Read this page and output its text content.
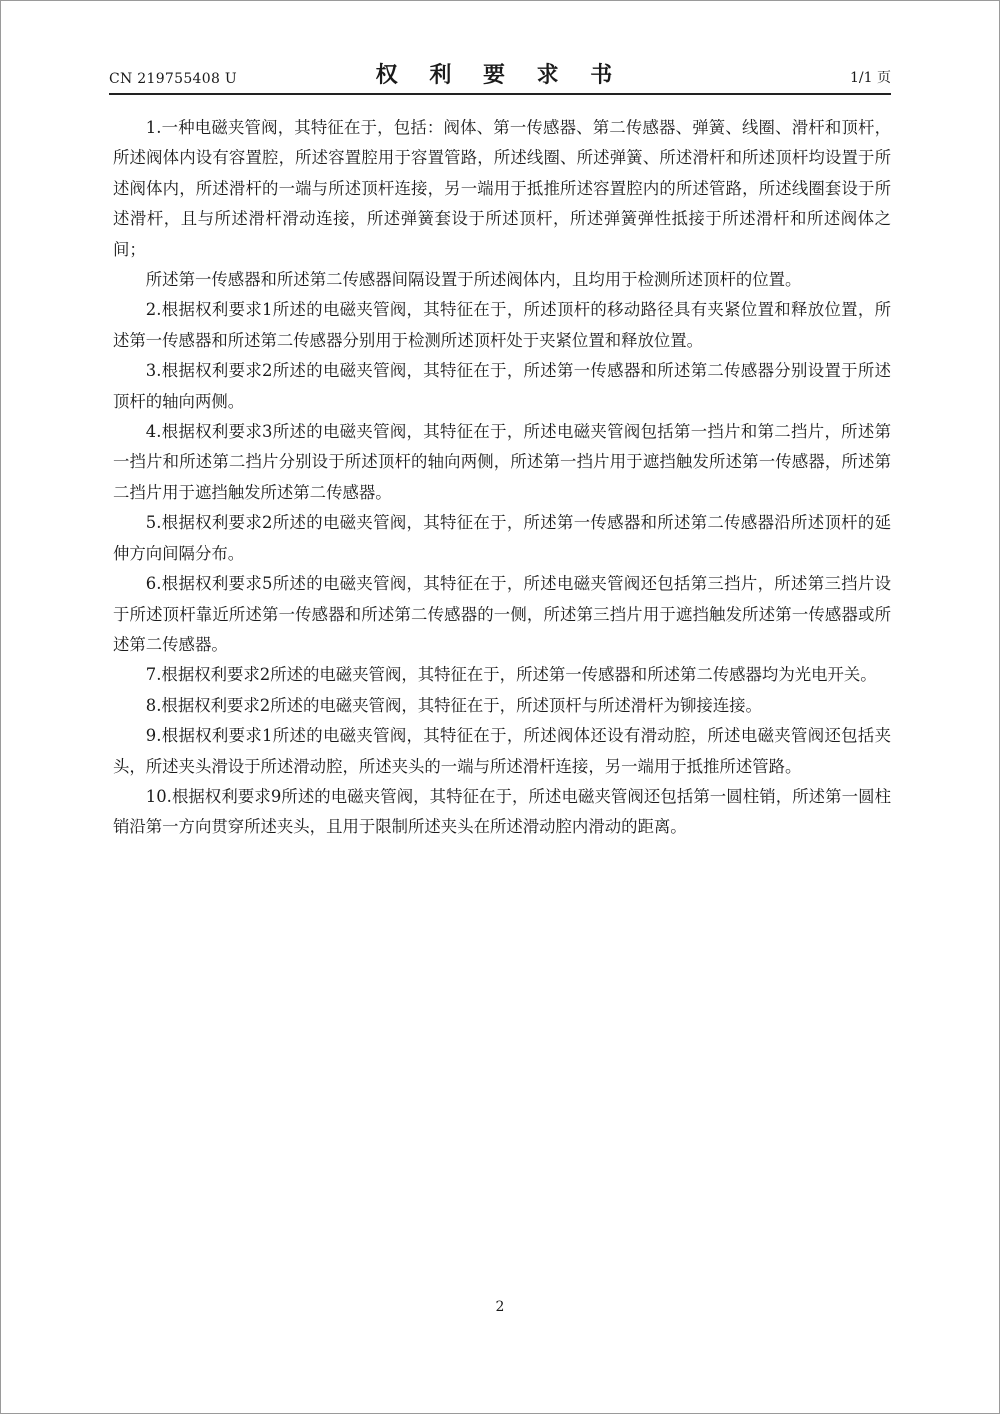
CN 219755408 U	权 利 要 求 书	1/1 页

1.一种电磁夹管阀，其特征在于，包括：阀体、第一传感器、第二传感器、弹簧、线圈、滑杆和顶杆，所述阀体内设有容置腔，所述容置腔用于容置管路，所述线圈、所述弹簧、所述滑杆和所述顶杆均设置于所述阀体内，所述滑杆的一端与所述顶杆连接，另一端用于抵推所述容置腔内的所述管路，所述线圈套设于所述滑杆，且与所述滑杆滑动连接，所述弹簧套设于所述顶杆，所述弹簧弹性抵接于所述滑杆和所述阀体之间；

所述第一传感器和所述第二传感器间隔设置于所述阀体内，且均用于检测所述顶杆的位置。

2.根据权利要求1所述的电磁夹管阀，其特征在于，所述顶杆的移动路径具有夹紧位置和释放位置，所述第一传感器和所述第二传感器分别用于检测所述顶杆处于夹紧位置和释放位置。

3.根据权利要求2所述的电磁夹管阀，其特征在于，所述第一传感器和所述第二传感器分别设置于所述顶杆的轴向两侧。

4.根据权利要求3所述的电磁夹管阀，其特征在于，所述电磁夹管阀包括第一挡片和第二挡片，所述第一挡片和所述第二挡片分别设于所述顶杆的轴向两侧，所述第一挡片用于遮挡触发所述第一传感器，所述第二挡片用于遮挡触发所述第二传感器。

5.根据权利要求2所述的电磁夹管阀，其特征在于，所述第一传感器和所述第二传感器沿所述顶杆的延伸方向间隔分布。

6.根据权利要求5所述的电磁夹管阀，其特征在于，所述电磁夹管阀还包括第三挡片，所述第三挡片设于所述顶杆靠近所述第一传感器和所述第二传感器的一侧，所述第三挡片用于遮挡触发所述第一传感器或所述第二传感器。

7.根据权利要求2所述的电磁夹管阀，其特征在于，所述第一传感器和所述第二传感器均为光电开关。

8.根据权利要求2所述的电磁夹管阀，其特征在于，所述顶杆与所述滑杆为铆接连接。

9.根据权利要求1所述的电磁夹管阀，其特征在于，所述阀体还设有滑动腔，所述电磁夹管阀还包括夹头，所述夹头滑设于所述滑动腔，所述夹头的一端与所述滑杆连接，另一端用于抵推所述管路。

10.根据权利要求9所述的电磁夹管阀，其特征在于，所述电磁夹管阀还包括第一圆柱销，所述第一圆柱销沿第一方向贯穿所述夹头，且用于限制所述夹头在所述滑动腔内滑动的距离。

2
